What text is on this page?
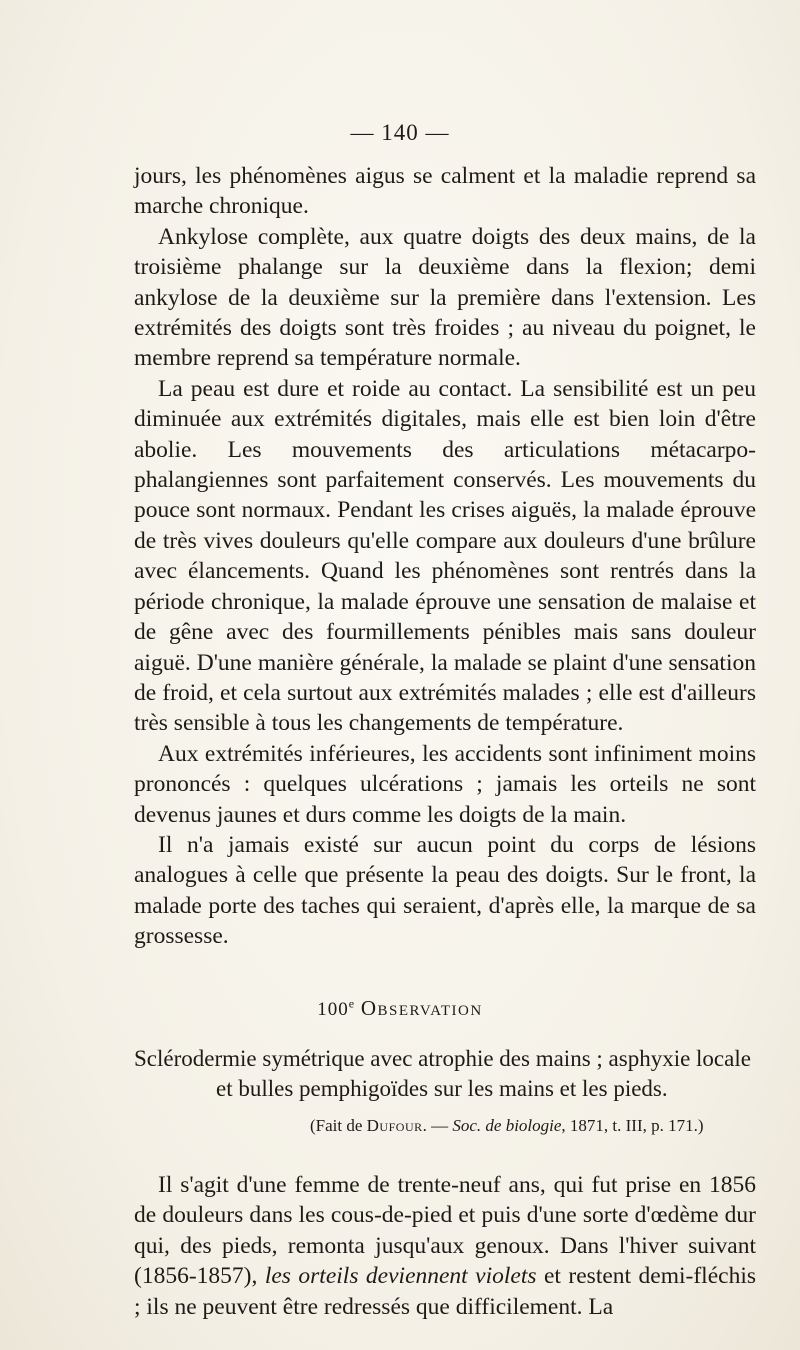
— 140 —

jours, les phénomènes aigus se calment et la maladie reprend sa marche chronique.

Ankylose complète, aux quatre doigts des deux mains, de la troisième phalange sur la deuxième dans la flexion; demi ankylose de la deuxième sur la première dans l'extension. Les extrémités des doigts sont très froides ; au niveau du poignet, le membre reprend sa température normale.

La peau est dure et roide au contact. La sensibilité est un peu diminuée aux extrémités digitales, mais elle est bien loin d'être abolie. Les mouvements des articulations métacarpo-phalangiennes sont parfaitement conservés. Les mouvements du pouce sont normaux. Pendant les crises aiguës, la malade éprouve de très vives douleurs qu'elle compare aux douleurs d'une brûlure avec élancements. Quand les phénomènes sont rentrés dans la période chronique, la malade éprouve une sensation de malaise et de gêne avec des fourmillements pénibles mais sans douleur aiguë. D'une manière générale, la malade se plaint d'une sensation de froid, et cela surtout aux extrémités malades ; elle est d'ailleurs très sensible à tous les changements de température.

Aux extrémités inférieures, les accidents sont infiniment moins prononcés : quelques ulcérations ; jamais les orteils ne sont devenus jaunes et durs comme les doigts de la main.

Il n'a jamais existé sur aucun point du corps de lésions analogues à celle que présente la peau des doigts. Sur le front, la malade porte des taches qui seraient, d'après elle, la marque de sa grossesse.

100e Observation
Sclérodermie symétrique avec atrophie des mains ; asphyxie locale
et bulles pemphigoïdes sur les mains et les pieds.
(Fait de Dufour. — Soc. de biologie, 1871, t. III, p. 171.)

Il s'agit d'une femme de trente-neuf ans, qui fut prise en 1856 de douleurs dans les cous-de-pied et puis d'une sorte d'œdème dur qui, des pieds, remonta jusqu'aux genoux. Dans l'hiver suivant (1856-1857), les orteils deviennent violets et restent demi-fléchis ; ils ne peuvent être redressés que difficilement. La
